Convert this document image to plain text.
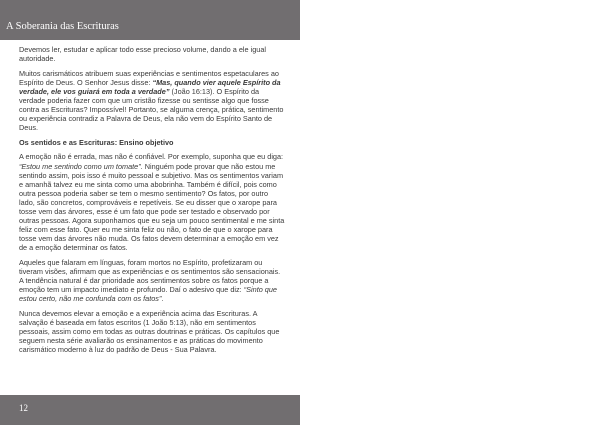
A Soberania das Escrituras

Devemos ler, estudar e aplicar todo esse precioso volume, dando a ele igual autoridade.

Muitos carismáticos atribuem suas experiências e sentimentos espetaculares ao Espírito de Deus. O Senhor Jesus disse: “Mas, quando vier aquele Espírito da verdade, ele vos guiará em toda a verdade” (João 16:13). O Espírito da verdade poderia fazer com que um cristão fizesse ou sentisse algo que fosse contra as Escrituras? Impossível! Portanto, se alguma crença, prática, sentimento ou experiência contradiz a Palavra de Deus, ela não vem do Espírito Santo de Deus.

Os sentidos e as Escrituras: Ensino objetivo

A emoção não é errada, mas não é confiável. Por exemplo, suponha que eu diga: “Estou me sentindo como um tomate”. Ninguém pode provar que não estou me sentindo assim, pois isso é muito pessoal e subjetivo. Mas os sentimentos variam e amanhã talvez eu me sinta como uma abobrinha. Também é difícil, pois como outra pessoa poderia saber se tem o mesmo sentimento? Os fatos, por outro lado, são concretos, comprováveis e repetíveis. Se eu disser que o xarope para tosse vem das árvores, esse é um fato que pode ser testado e observado por outras pessoas. Agora suponhamos que eu seja um pouco sentimental e me sinta feliz com esse fato. Quer eu me sinta feliz ou não, o fato de que o xarope para tosse vem das árvores não muda. Os fatos devem determinar a emoção em vez de a emoção determinar os fatos.

Aqueles que falaram em línguas, foram mortos no Espírito, profetizaram ou tiveram visões, afirmam que as experiências e os sentimentos são sensacionais. A tendência natural é dar prioridade aos sentimentos sobre os fatos porque a emoção tem um impacto imediato e profundo. Daí o adesivo que diz: “Sinto que estou certo, não me confunda com os fatos”.

Nunca devemos elevar a emoção e a experiência acima das Escrituras. A salvação é baseada em fatos escritos (1 João 5:13), não em sentimentos pessoais, assim como em todas as outras doutrinas e práticas. Os capítulos que seguem nesta série avaliarão os ensinamentos e as práticas do movimento carismático moderno à luz do padrão de Deus - Sua Palavra.

12
